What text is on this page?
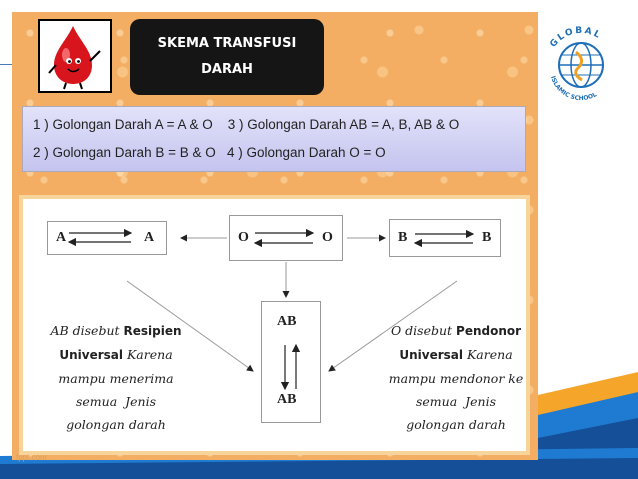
GLOBAL
ISLAMIC SCHOOL
SKEMA TRANSFUSI
DARAH
1 ) Golongan Darah A = A & O    3 ) Golongan Darah AB = A, B, AB & O
2 ) Golongan Darah B = B & O   4 ) Golongan Darah O = O
A	A	O	O	B	B
AB
AB
AB disebut Resipien
Universal Karena
mampu menerima
semua  Jenis
golongan darah
O disebut Pendonor
Universal Karena
mampu mendonor ke
semua  Jenis
golongan darah
fppt.com
